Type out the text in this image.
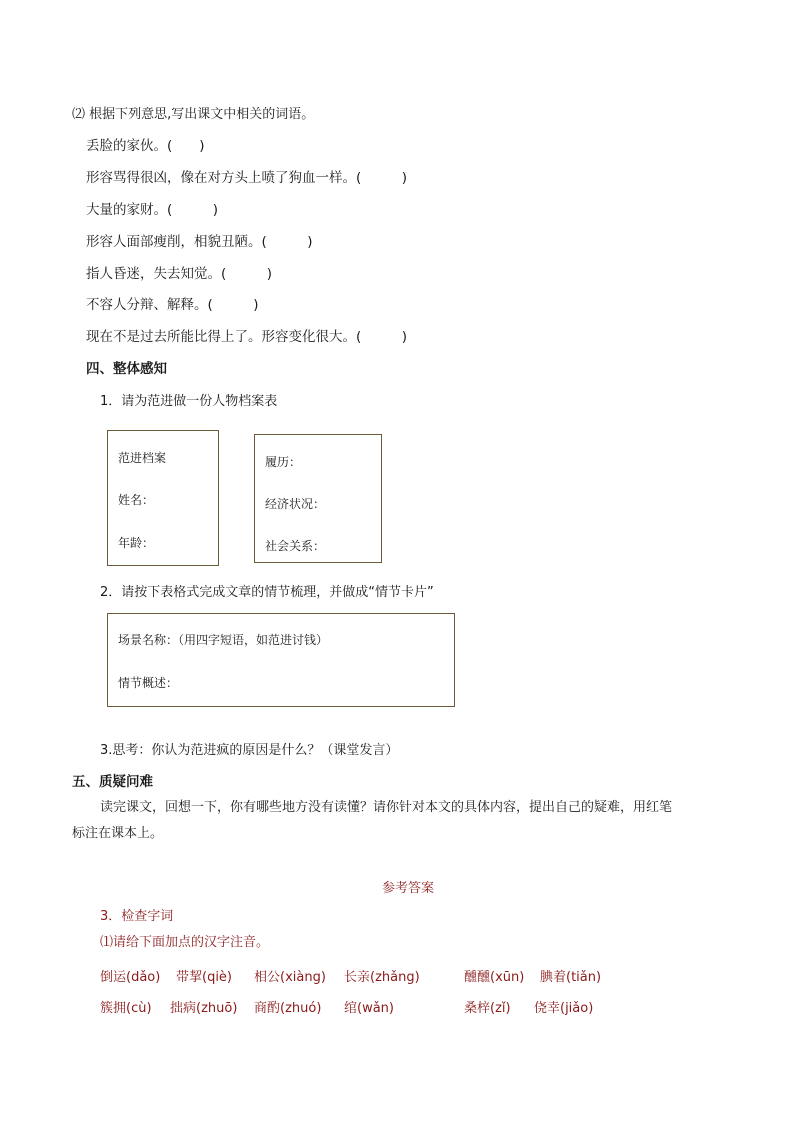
⑵ 根据下列意思,写出课文中相关的词语。
丢脸的家伙。(　　)
形容骂得很凶，像在对方头上喷了狗血一样。(　　　)
大量的家财。(　　　)
形容人面部瘦削，相貌丑陋。(　　　)
指人昏迷，失去知觉。(　　　)
不容人分辩、解释。(　　　)
现在不是过去所能比得上了。形容变化很大。(　　　)
四、整体感知
1．请为范进做一份人物档案表
范进档案
姓名：
年龄：
履历：
经济状况：
社会关系：
2．请按下表格式完成文章的情节梳理，并做成“情节卡片”
场景名称：（用四字短语，如范进讨钱）
情节概述：
3.思考：你认为范进疯的原因是什么？（课堂发言）
五、质疑问难
读完课文，回想一下，你有哪些地方没有读懂？请你针对本文的具体内容，提出自己的疑难，用红笔
标注在课本上。
参考答案
3．检查字词
⑴请给下面加点的汉字注音。
倒运(dǎo) 带挈(qiè) 相公(xiàng) 长亲(zhǎng)	醺醺(xūn) 腆着(tiǎn)
簇拥(cù) 拙病(zhuō) 商酌(zhuó) 绾(wǎn)	桑梓(zǐ) 侥幸(jiǎo)
